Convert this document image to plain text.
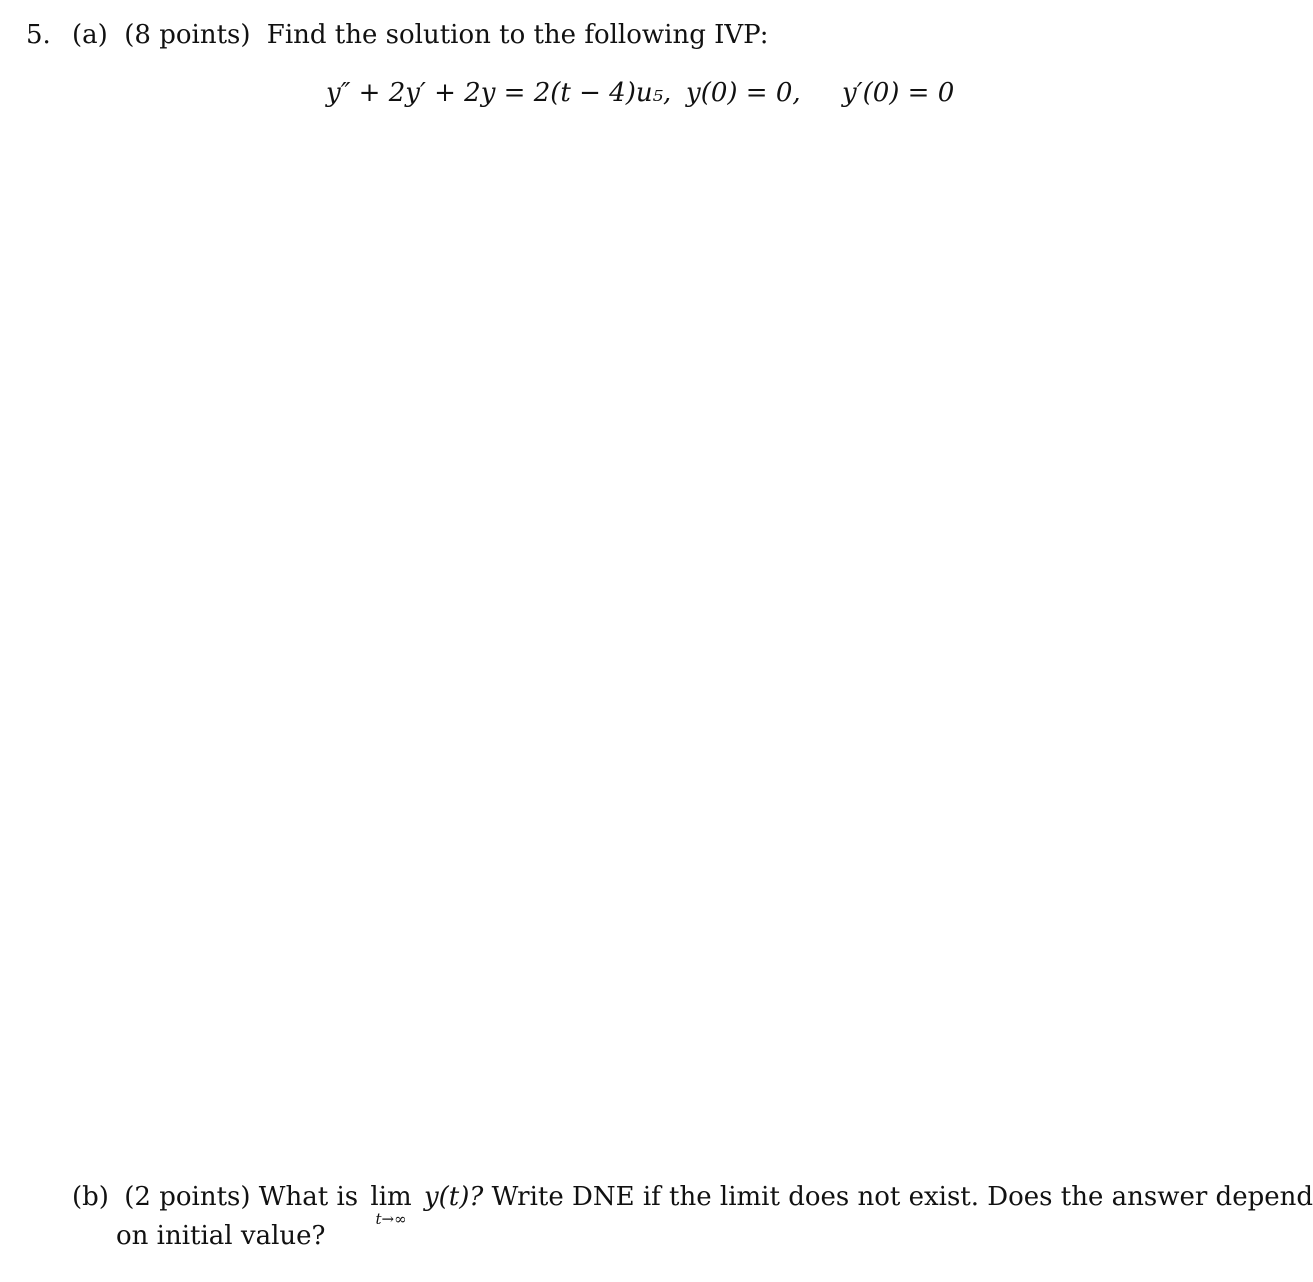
5. (a) (8 points) Find the solution to the following IVP:
y″ + 2y′ + 2y = 2(t − 4)u₅, y(0) = 0, y′(0) = 0
(b) (2 points) What is lim
t→∞
y(t)? Write DNE if the limit does not exist. Does the answer depend
on initial value?
